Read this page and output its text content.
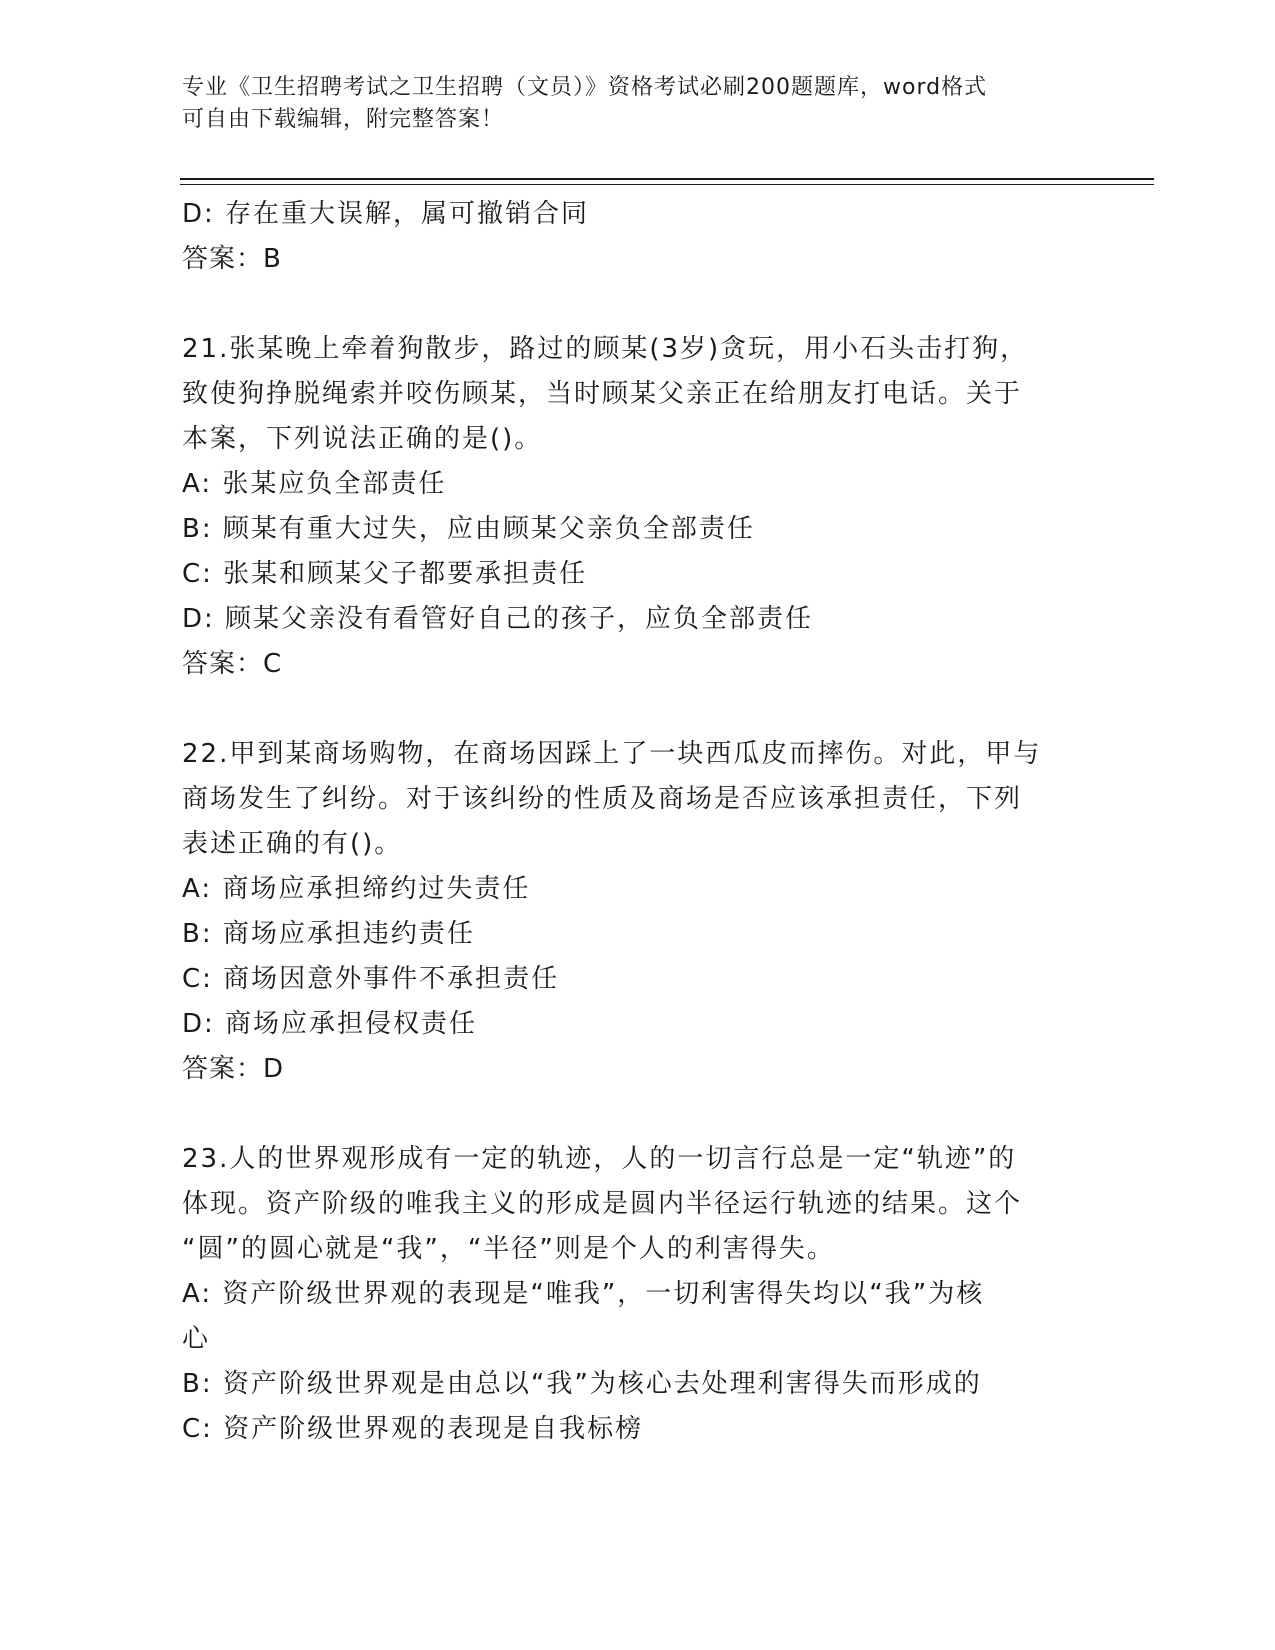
专业《卫生招聘考试之卫生招聘（文员）》资格考试必刷200题题库，word格式
可自由下载编辑，附完整答案！
D: 存在重大误解，属可撤销合同
答案：B
21.张某晚上牵着狗散步，路过的顾某(3岁)贪玩，用小石头击打狗，
致使狗挣脱绳索并咬伤顾某，当时顾某父亲正在给朋友打电话。关于
本案，下列说法正确的是()。
A: 张某应负全部责任
B: 顾某有重大过失，应由顾某父亲负全部责任
C: 张某和顾某父子都要承担责任
D: 顾某父亲没有看管好自己的孩子，应负全部责任
答案：C
22.甲到某商场购物，在商场因踩上了一块西瓜皮而摔伤。对此，甲与
商场发生了纠纷。对于该纠纷的性质及商场是否应该承担责任，下列
表述正确的有()。
A: 商场应承担缔约过失责任
B: 商场应承担违约责任
C: 商场因意外事件不承担责任
D: 商场应承担侵权责任
答案：D
23.人的世界观形成有一定的轨迹，人的一切言行总是一定“轨迹”的
体现。资产阶级的唯我主义的形成是圆内半径运行轨迹的结果。这个
“圆”的圆心就是“我”，“半径”则是个人的利害得失。
A: 资产阶级世界观的表现是“唯我”，一切利害得失均以“我”为核
心
B: 资产阶级世界观是由总以“我”为核心去处理利害得失而形成的
C: 资产阶级世界观的表现是自我标榜
